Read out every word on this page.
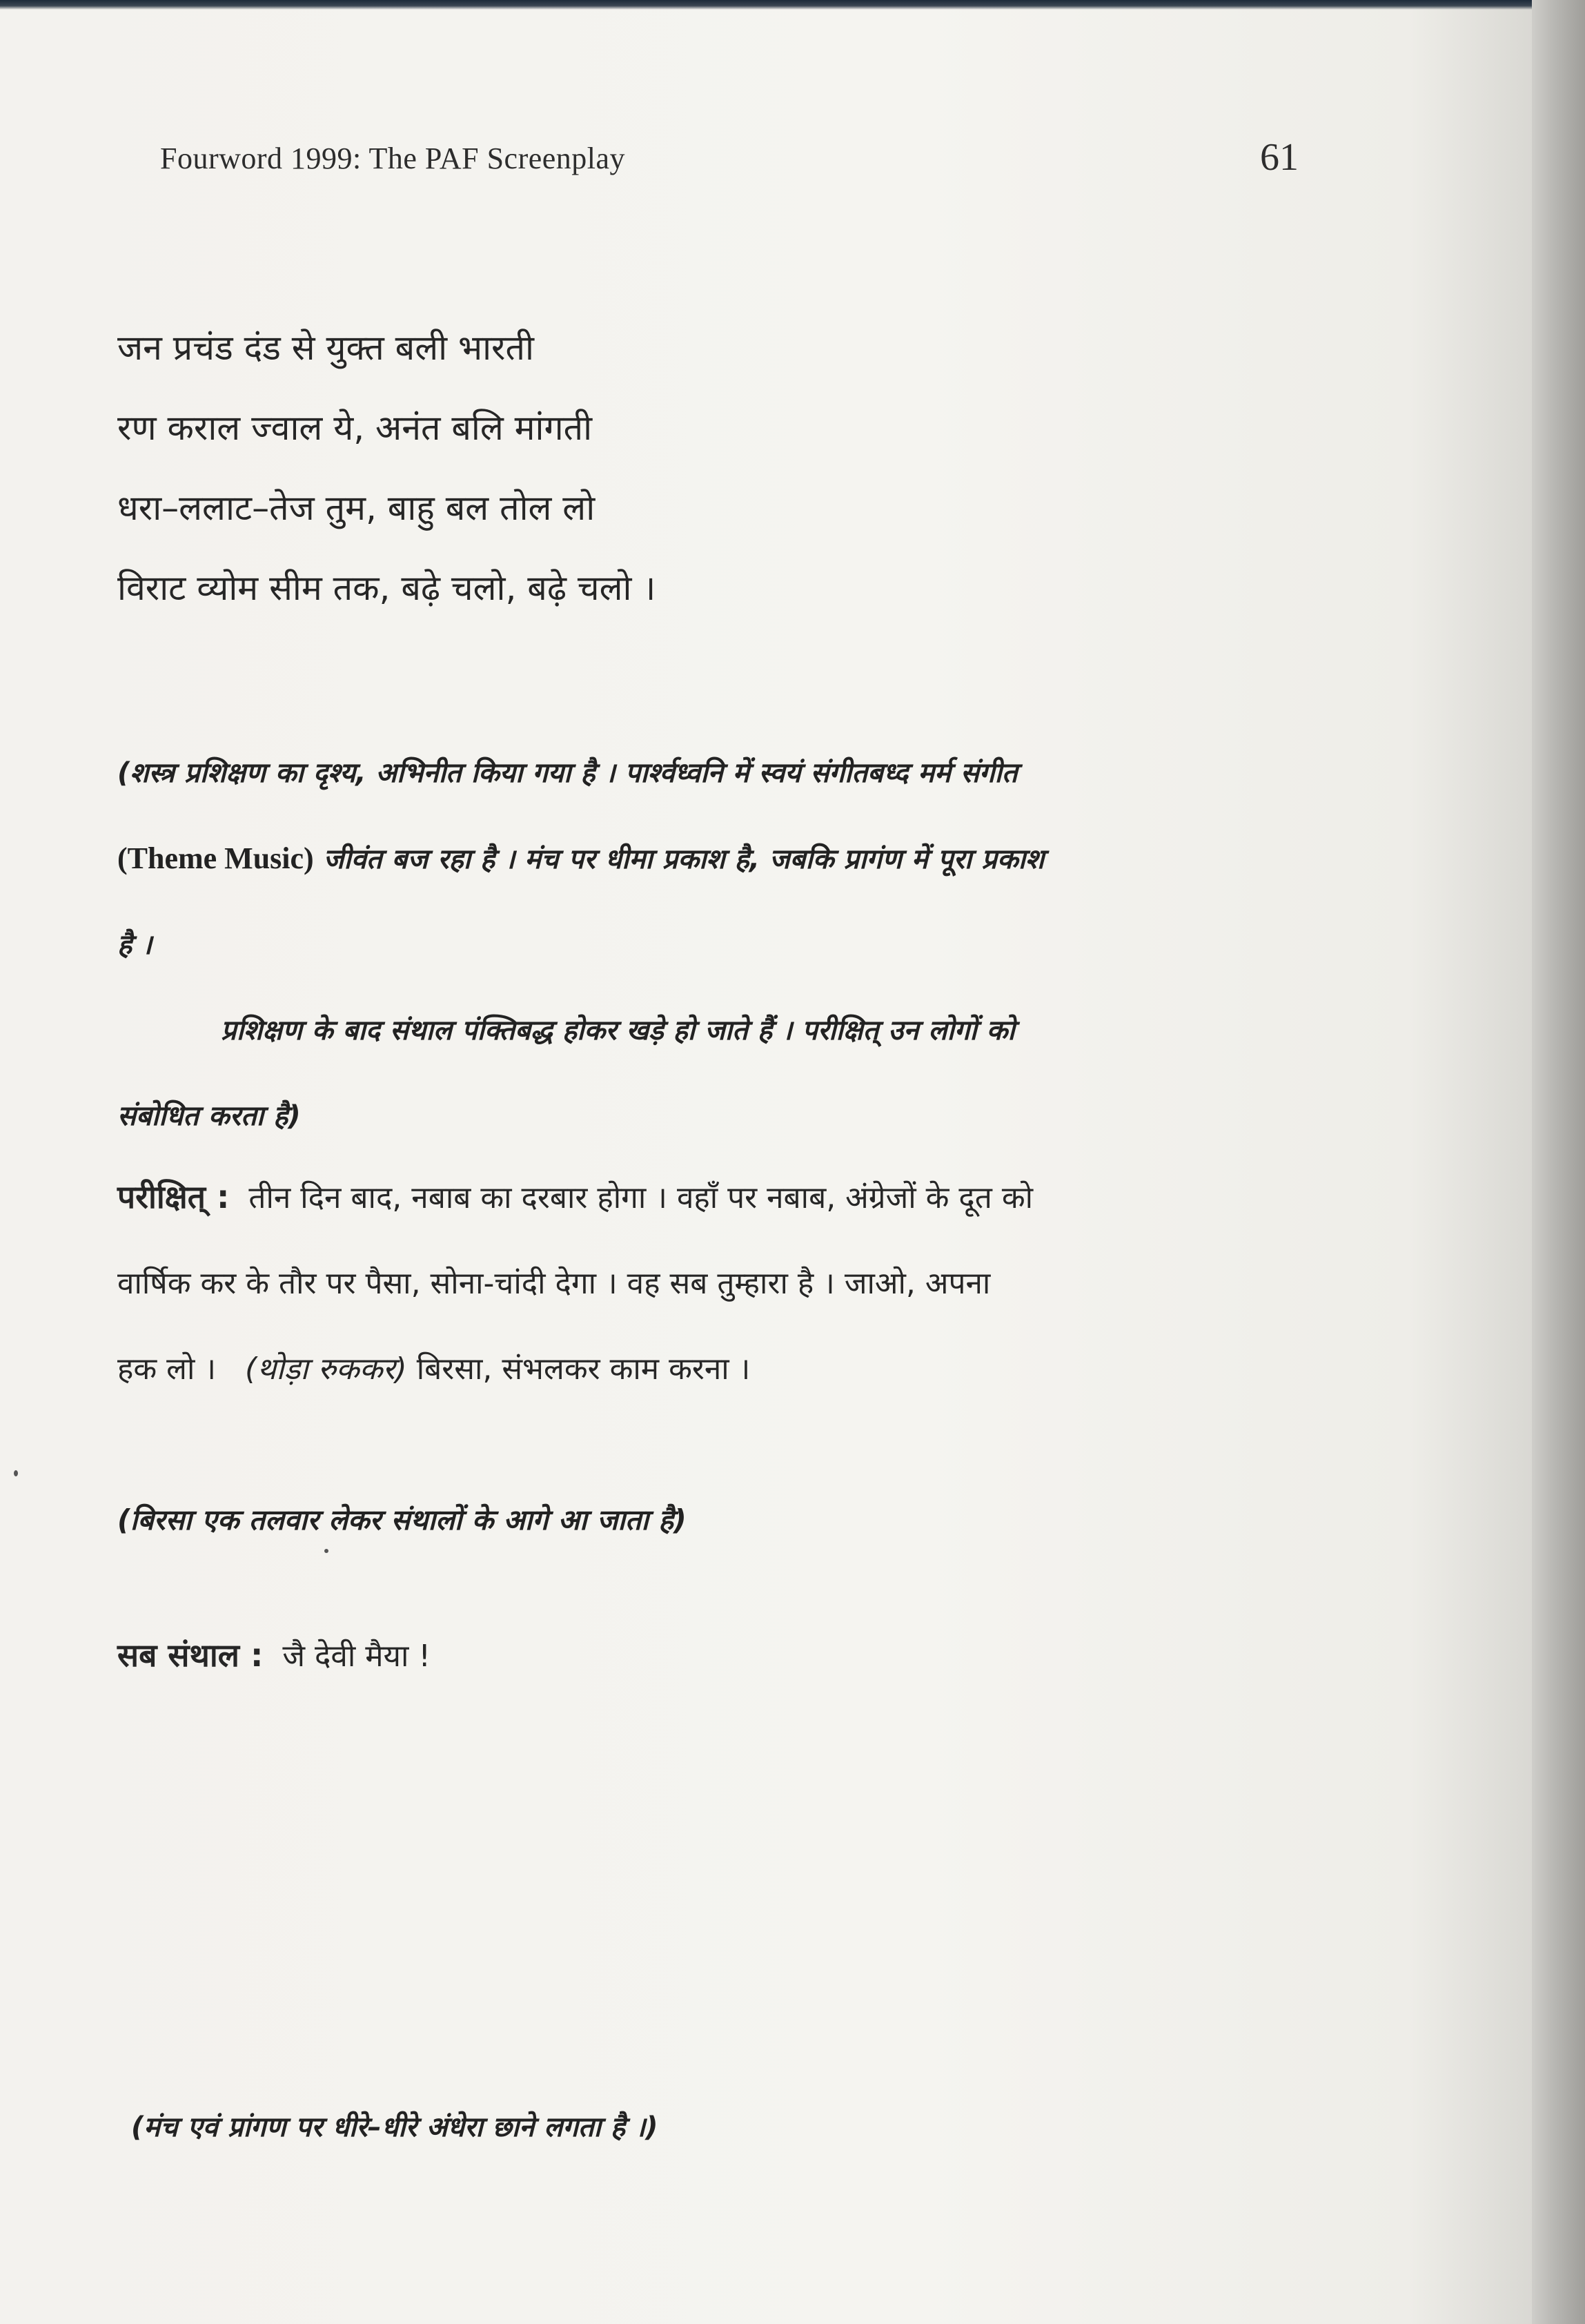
Fourword 1999: The PAF Screenplay	61
जन प्रचंड दंड से युक्त बली भारती
रण कराल ज्वाल ये, अनंत बलि मांगती
धरा–ललाट–तेज तुम, बाहु बल तोल लो
विराट व्योम सीम तक, बढ़े चलो, बढ़े चलो ।
(शस्त्र प्रशिक्षण का दृश्य, अभिनीत किया गया है । पार्श्वध्वनि में स्वयं संगीतबध्द मर्म संगीत
(Theme Music) जीवंत बज रहा है । मंच पर धीमा प्रकाश है, जबकि प्रागंण में पूरा प्रकाश
है ।
प्रशिक्षण के बाद संथाल पंक्तिबद्ध होकर खड़े हो जाते हैं । परीक्षित् उन लोगों को
संबोधित करता है)
परीक्षित् : तीन दिन बाद, नबाब का दरबार होगा । वहाँ पर नबाब, अंग्रेजों के दूत को
वार्षिक कर के तौर पर पैसा, सोना-चांदी देगा । वह सब तुम्हारा है । जाओ, अपना
हक लो । (थोड़ा रुककर) बिरसा, संभलकर काम करना ।
(बिरसा एक तलवार लेकर संथालों के आगे आ जाता है)
सब संथाल : जै देवी मैया !
(मंच एवं प्रांगण पर धीरे–धीरे अंधेरा छाने लगता है ।)
